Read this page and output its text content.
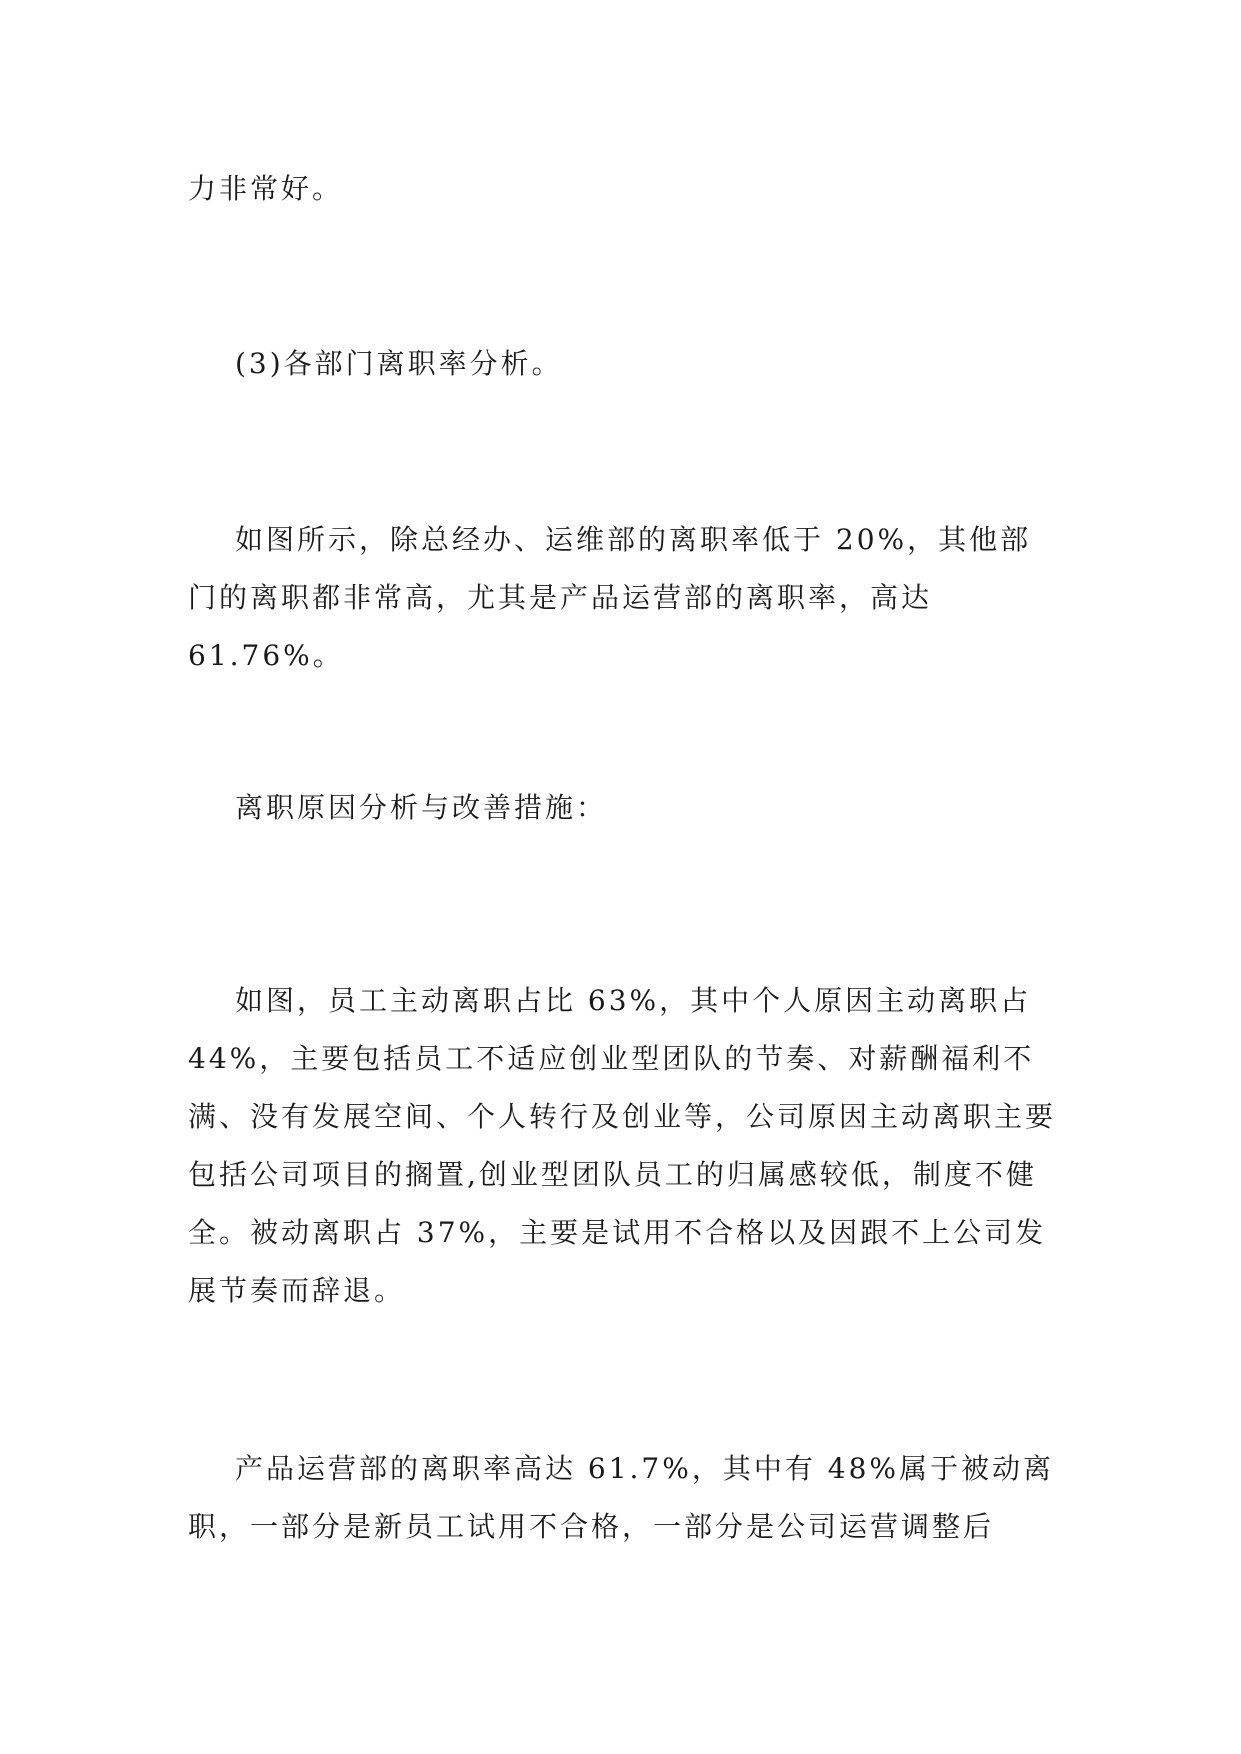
力非常好。

(3)各部门离职率分析。

如图所示，除总经办、运维部的离职率低于 20%，其他部门的离职都非常高，尤其是产品运营部的离职率，高达 61.76%。

离职原因分析与改善措施：

如图，员工主动离职占比 63%，其中个人原因主动离职占 44%，主要包括员工不适应创业型团队的节奏、对薪酬福利不满、没有发展空间、个人转行及创业等，公司原因主动离职主要包括公司项目的搁置,创业型团队员工的归属感较低，制度不健全。被动离职占 37%，主要是试用不合格以及因跟不上公司发展节奏而辞退。

产品运营部的离职率高达 61.7%，其中有 48%属于被动离职，一部分是新员工试用不合格，一部分是公司运营调整后
